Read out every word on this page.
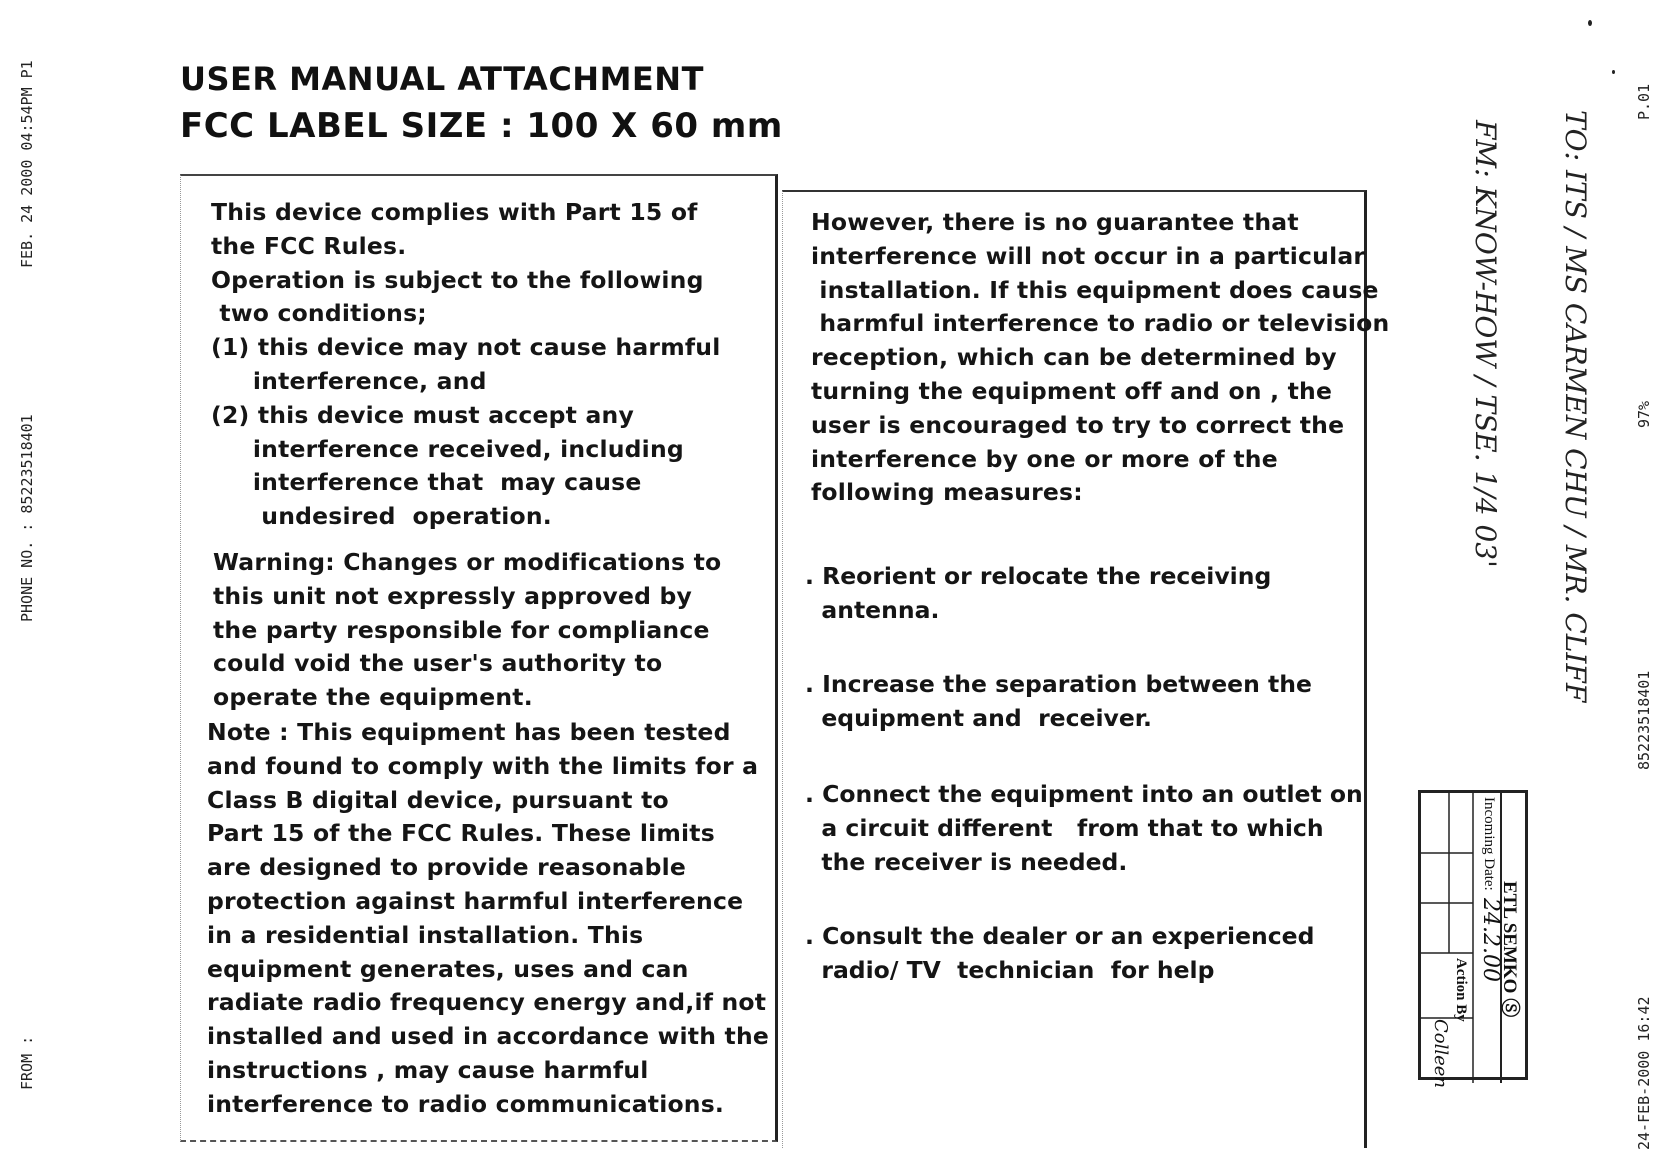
FROM :
PHONE NO. : 85223518401
FEB. 24 2000 04:54PM P1
24-FEB-2000 16:42
85223518401
97%
P.01
USER MANUAL ATTACHMENT
FCC LABEL SIZE : 100 X 60 mm

This device complies with Part 15 of
the FCC Rules.
Operation is subject to the following
two conditions;
(1) this device may not cause harmful
interference, and
(2) this device must accept any
interference received, including
interference that  may cause
undesired  operation.

Warning: Changes or modifications to
this unit not expressly approved by
the party responsible for compliance
could void the user's authority to
operate the equipment.

Note : This equipment has been tested
and found to comply with the limits for a
Class B digital device, pursuant to
Part 15 of the FCC Rules. These limits
are designed to provide reasonable
protection against harmful interference
in a residential installation. This
equipment generates, uses and can
radiate radio frequency energy and,if not
installed and used in accordance with the
instructions , may cause harmful
interference to radio communications.

However, there is no guarantee that
interference will not occur in a particular
installation. If this equipment does cause
harmful interference to radio or television
reception, which can be determined by
turning the equipment off and on , the
user is encouraged to try to correct the
interference by one or more of the
following measures:

. Reorient or relocate the receiving
antenna.

. Increase the separation between the
equipment and  receiver.

. Connect the equipment into an outlet on
a circuit different   from that to which
the receiver is needed.

. Consult the dealer or an experienced
radio/ TV  technician  for help

TO: ITS / MS CARMEN CHU / MR. CLIFF
FM: KNOW-HOW / TSE. 1/4 03'
ETL SEMKO Ⓢ
Incoming Date:
24.2.00
Action By
Colleen
